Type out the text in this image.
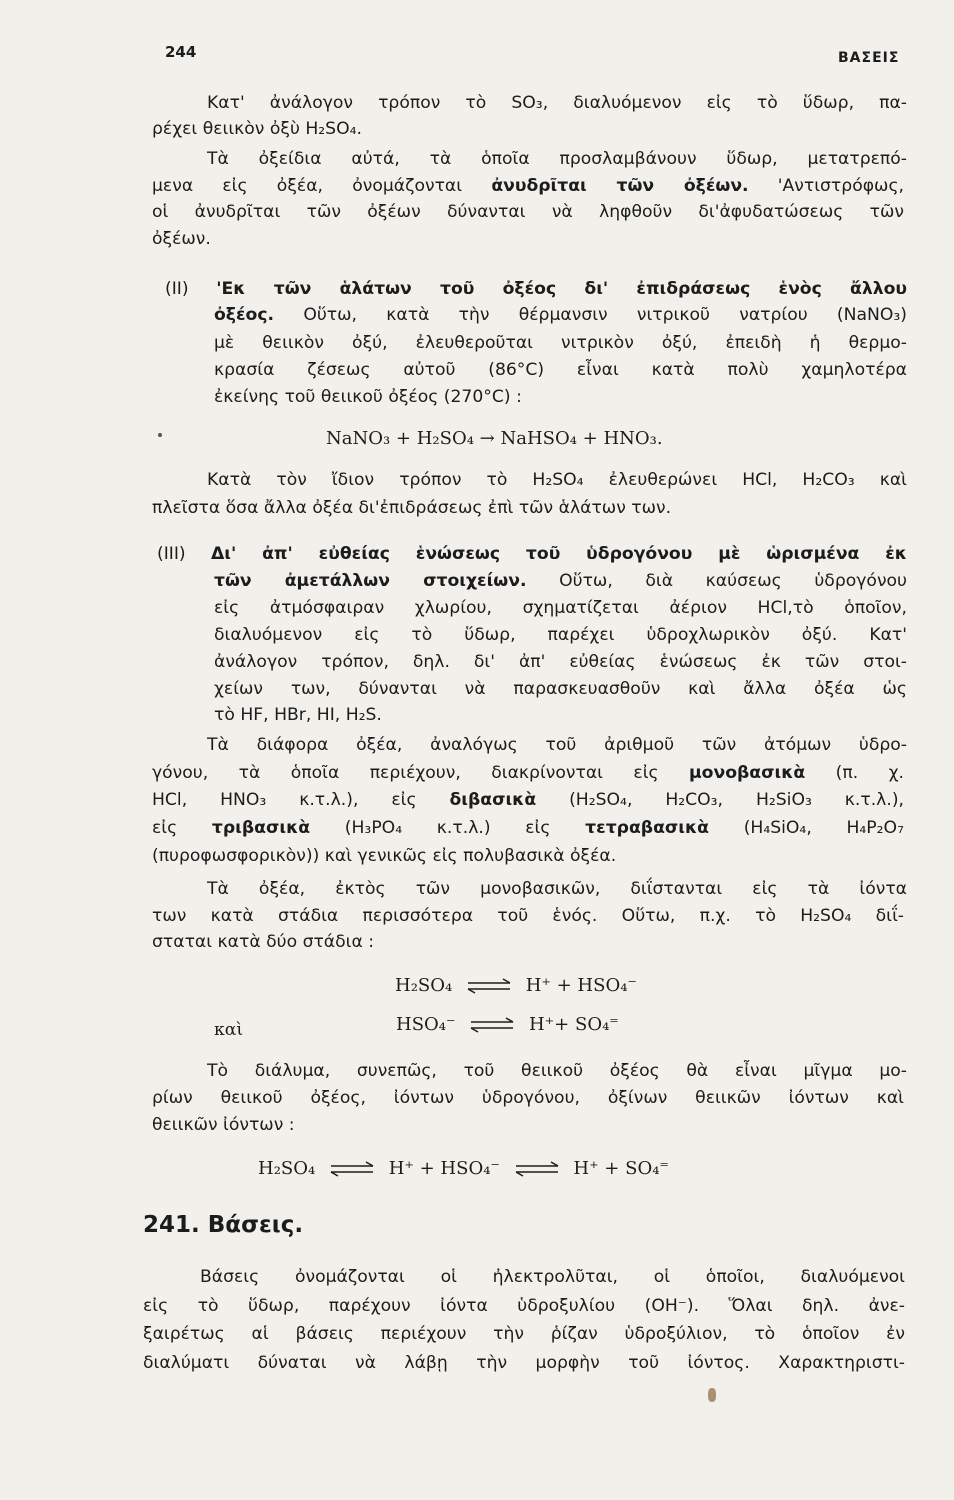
244	ΒΑΣΕΙΣ
Κατ' ἀνάλογον τρόπον τὸ SO₃, διαλυόμενον εἰς τὸ ὕδωρ, πα-
ρέχει θειικὸν ὀξὺ H₂SO₄.
Τὰ ὀξείδια αὐτά, τὰ ὁποῖα προσλαμβάνουν ὕδωρ, μετατρεπό-
μενα εἰς ὀξέα, ὀνομάζονται ἀνυδρῖται τῶν ὀξέων. 'Αντιστρόφως,
οἱ ἀνυδρῖται τῶν ὀξέων δύνανται νὰ ληφθοῦν δι'ἀφυδατώσεως τῶν
ὀξέων.
(II) 'Εκ τῶν ἁλάτων τοῦ ὀξέος δι' ἐπιδράσεως ἑνὸς ἄλλου
ὀξέος. Οὕτω, κατὰ τὴν θέρμανσιν νιτρικοῦ νατρίου (NaNO₃)
μὲ θειικὸν ὀξύ, ἐλευθεροῦται νιτρικὸν ὀξύ, ἐπειδὴ ἡ θερμο-
κρασία ζέσεως αὐτοῦ (86°C) εἶναι κατὰ πολὺ χαμηλοτέρα
ἐκείνης τοῦ θειικοῦ ὀξέος (270°C) :
NaNO₃ + H₂SO₄ → NaHSO₄ + HNO₃.
Κατὰ τὸν ἴδιον τρόπον τὸ H₂SO₄ ἐλευθερώνει HCl, H₂CO₃ καὶ
πλεῖστα ὅσα ἄλλα ὀξέα δι'ἐπιδράσεως ἐπὶ τῶν ἁλάτων των.
(III) Δι' ἀπ' εὐθείας ἑνώσεως τοῦ ὑδρογόνου μὲ ὡρισμένα ἐκ
τῶν ἀμετάλλων στοιχείων. Οὕτω, διὰ καύσεως ὑδρογόνου
εἰς ἀτμόσφαιραν χλωρίου, σχηματίζεται ἀέριον HCl,τὸ ὁποῖον,
διαλυόμενον εἰς τὸ ὕδωρ, παρέχει ὑδροχλωρικὸν ὀξύ. Κατ'
ἀνάλογον τρόπον, δηλ. δι' ἀπ' εὐθείας ἑνώσεως ἐκ τῶν στοι-
χείων των, δύνανται νὰ παρασκευασθοῦν καὶ ἄλλα ὀξέα ὡς
τὸ HF, HBr, HI, H₂S.
Τὰ διάφορα ὀξέα, ἀναλόγως τοῦ ἀριθμοῦ τῶν ἀτόμων ὑδρο-
γόνου, τὰ ὁποῖα περιέχουν, διακρίνονται εἰς μονοβασικὰ (π. χ.
HCl, HNO₃ κ.τ.λ.), εἰς διβασικὰ (H₂SO₄, H₂CO₃, H₂SiO₃ κ.τ.λ.),
εἰς τριβασικὰ (H₃PO₄ κ.τ.λ.) εἰς τετραβασικὰ (H₄SiO₄, H₄P₂O₇
(πυροφωσφορικὸν)) καὶ γενικῶς εἰς πολυβασικὰ ὀξέα.
Τὰ ὀξέα, ἐκτὸς τῶν μονοβασικῶν, διΐστανται εἰς τὰ ἰόντα
των κατὰ στάδια περισσότερα τοῦ ἑνός. Οὕτω, π.χ. τὸ H₂SO₄ διΐ-
σταται κατὰ δύο στάδια :
H₂SO₄ ⇌ H⁺ + HSO₄⁻
καὶ	HSO₄⁻ ⇌ H⁺+ SO₄⁼
Τὸ διάλυμα, συνεπῶς, τοῦ θειικοῦ ὀξέος θὰ εἶναι μῖγμα μο-
ρίων θειικοῦ ὀξέος, ἰόντων ὑδρογόνου, ὀξίνων θειικῶν ἰόντων καὶ
θειικῶν ἰόντων :
H₂SO₄ ⇌ H⁺ + HSO₄⁻ ⇌ H⁺ + SO₄⁼
241. Βάσεις.
Βάσεις ὀνομάζονται οἱ ἠλεκτρολῦται, οἱ ὁποῖοι, διαλυόμενοι
εἰς τὸ ὕδωρ, παρέχουν ἰόντα ὑδροξυλίου (OH⁻). Ὅλαι δηλ. ἀνε-
ξαιρέτως αἱ βάσεις περιέχουν τὴν ῥίζαν ὑδροξύλιον, τὸ ὁποῖον ἐν
διαλύματι δύναται νὰ λάβῃ τὴν μορφὴν τοῦ ἰόντος. Χαρακτηριστι-
